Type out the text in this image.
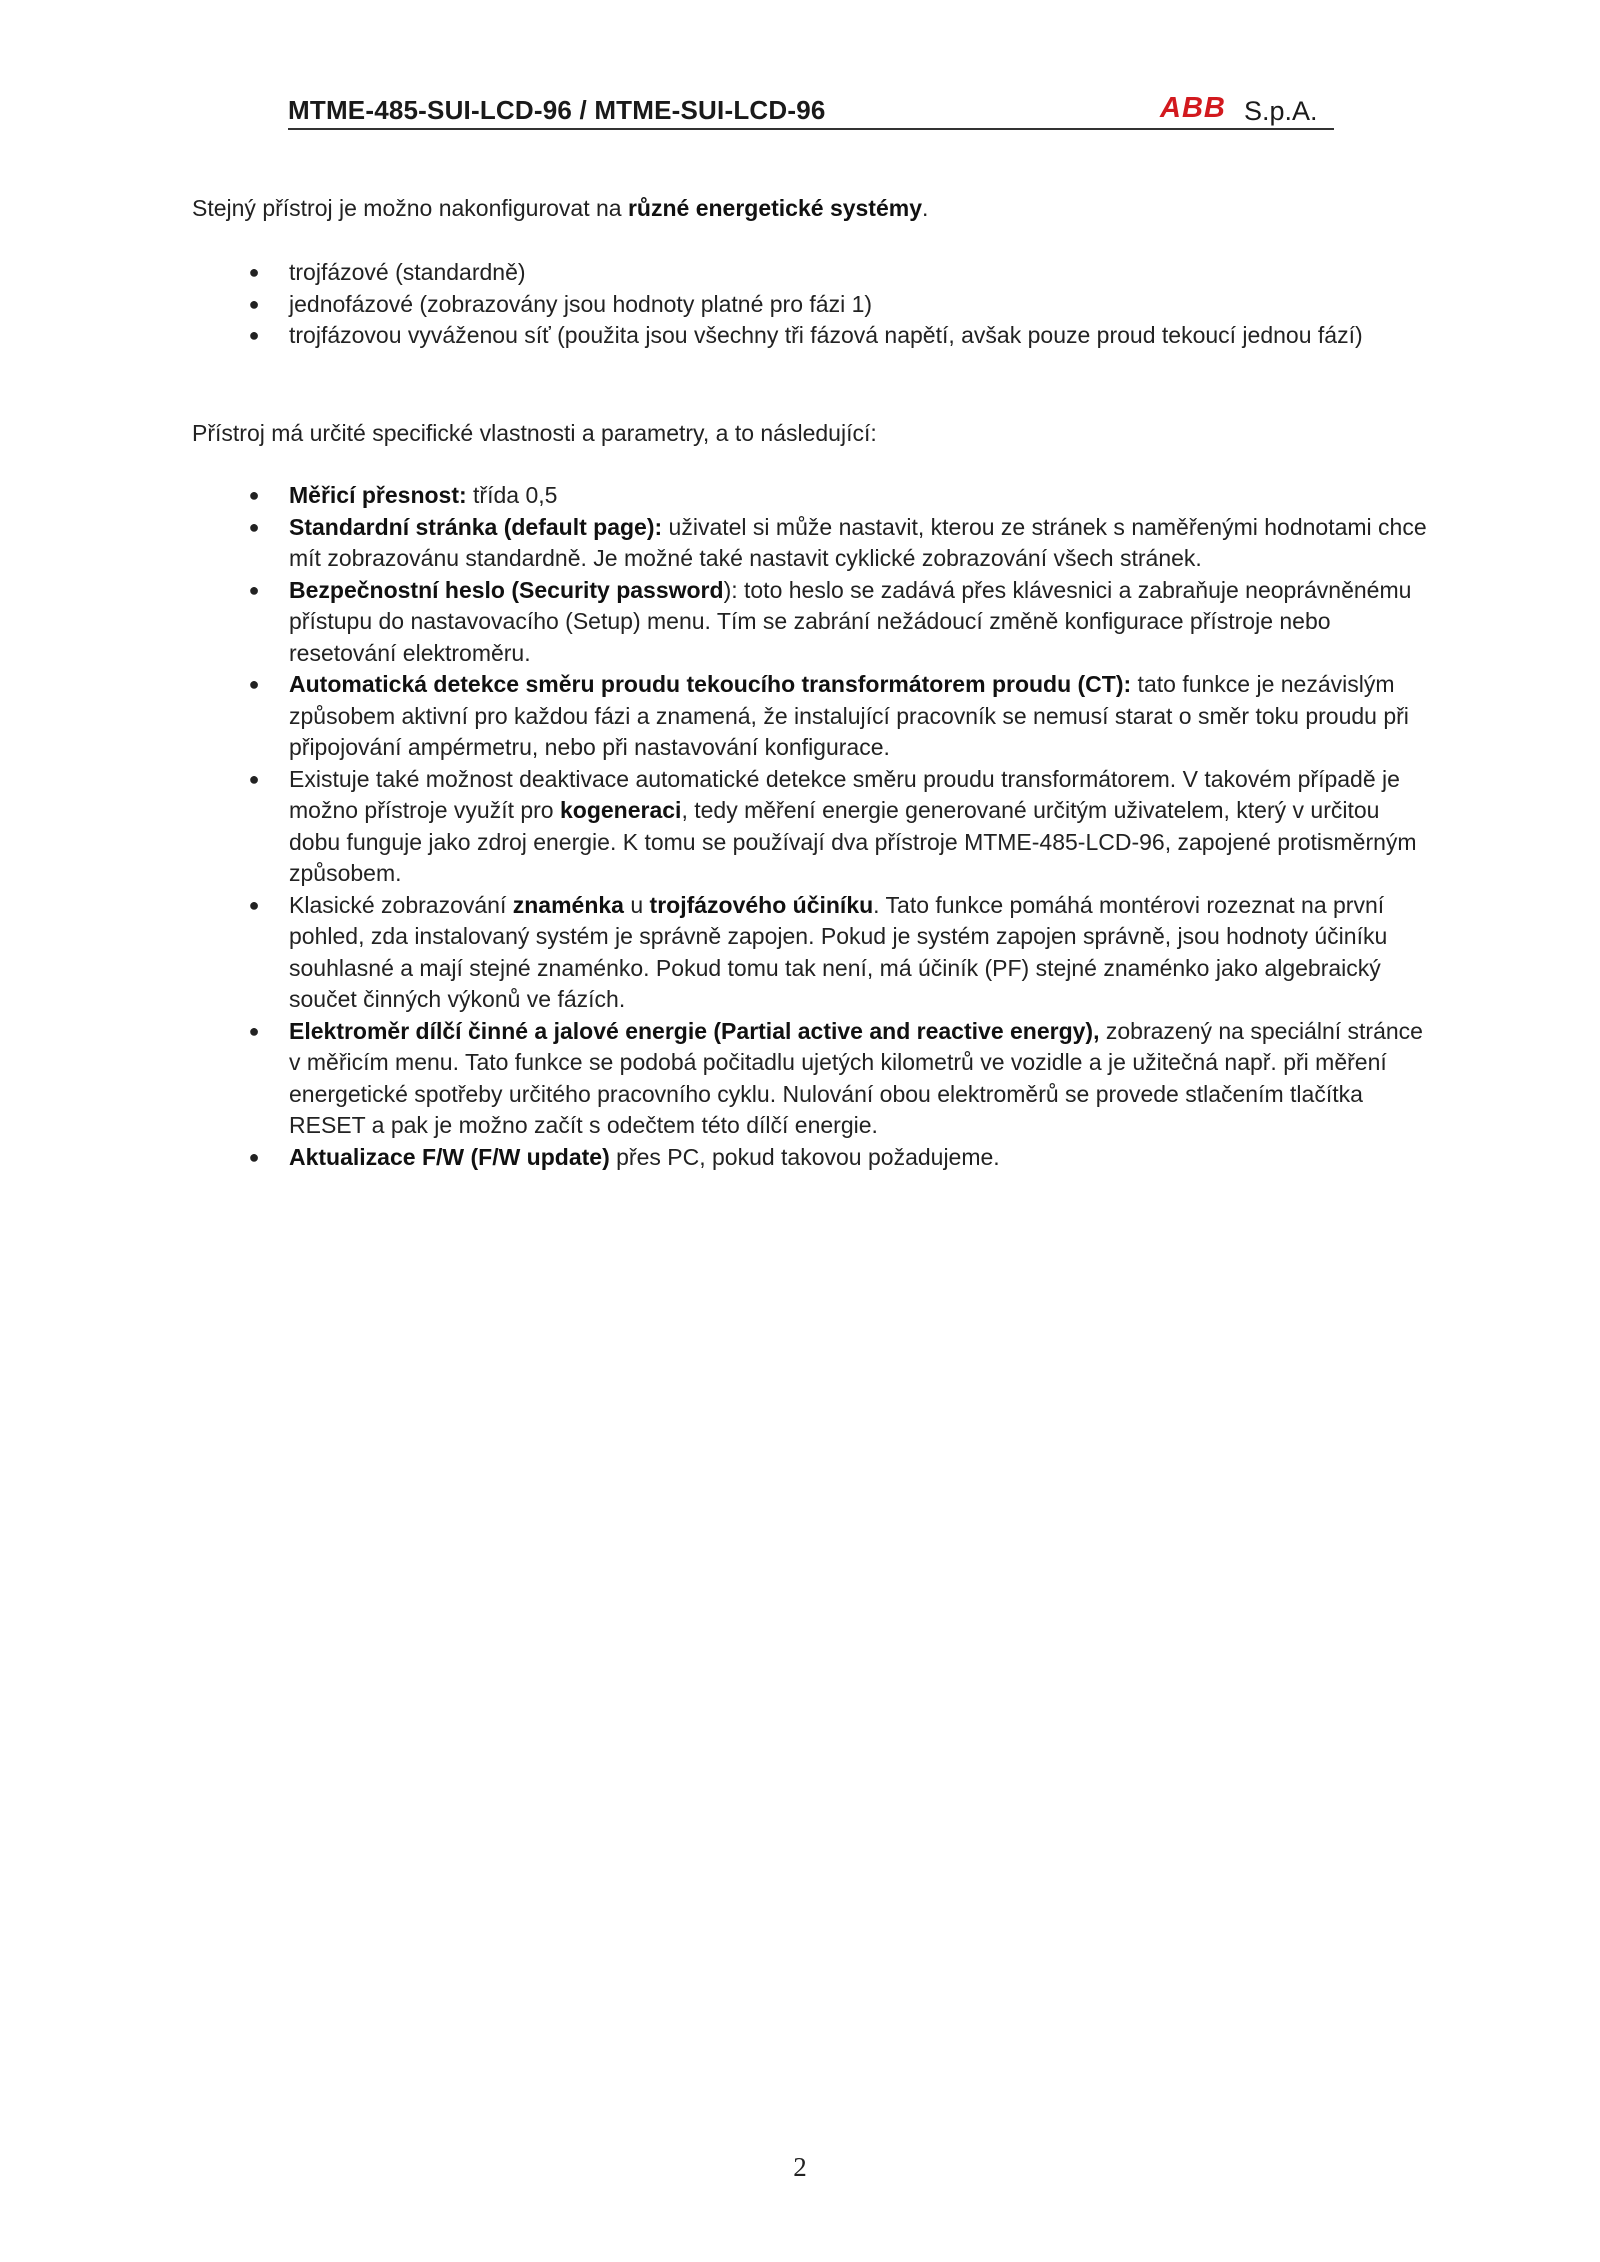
MTME-485-SUI-LCD-96 / MTME-SUI-LCD-96	ABB S.p.A.

Stejný přístroj je možno nakonfigurovat na různé energetické systémy.

● trojfázové (standardně)
● jednofázové (zobrazovány jsou hodnoty platné pro fázi 1)
● trojfázovou vyváženou síť (použita jsou všechny tři fázová napětí, avšak pouze proud tekoucí jednou fází)

Přístroj má určité specifické vlastnosti a parametry, a to následující:

● Měřicí přesnost: třída 0,5
● Standardní stránka (default page): uživatel si může nastavit, kterou ze stránek s naměřenými hodnotami chce mít zobrazovánu standardně. Je možné také nastavit cyklické zobrazování všech stránek.
● Bezpečnostní heslo (Security password): toto heslo se zadává přes klávesnici a zabraňuje neoprávněnému přístupu do nastavovacího (Setup) menu. Tím se zabrání nežádoucí změně konfigurace přístroje nebo resetování elektroměru.
● Automatická detekce směru proudu tekoucího transformátorem proudu (CT): tato funkce je nezávislým způsobem aktivní pro každou fázi a znamená, že instalující pracovník se nemusí starat o směr toku proudu při připojování ampérmetru, nebo při nastavování konfigurace.
● Existuje také možnost deaktivace automatické detekce směru proudu transformátorem. V takovém případě je možno přístroje využít pro kogeneraci, tedy měření energie generované určitým uživatelem, který v určitou dobu funguje jako zdroj energie. K tomu se používají dva přístroje MTME-485-LCD-96, zapojené protisměrným způsobem.
● Klasické zobrazování znaménka u trojfázového účiníku. Tato funkce pomáhá montérovi rozeznat na první pohled, zda instalovaný systém je správně zapojen. Pokud je systém zapojen správně, jsou hodnoty účiníku souhlasné a mají stejné znaménko. Pokud tomu tak není, má účiník (PF) stejné znaménko jako algebraický součet činných výkonů ve fázích.
● Elektroměr dílčí činné a jalové energie (Partial active and reactive energy), zobrazený na speciální stránce v měřicím menu. Tato funkce se podobá počitadlu ujetých kilometrů ve vozidle a je užitečná např. při měření energetické spotřeby určitého pracovního cyklu. Nulování obou elektroměrů se provede stlačením tlačítka RESET a pak je možno začít s odečtem této dílčí energie.
● Aktualizace F/W (F/W update) přes PC, pokud takovou požadujeme.
2
